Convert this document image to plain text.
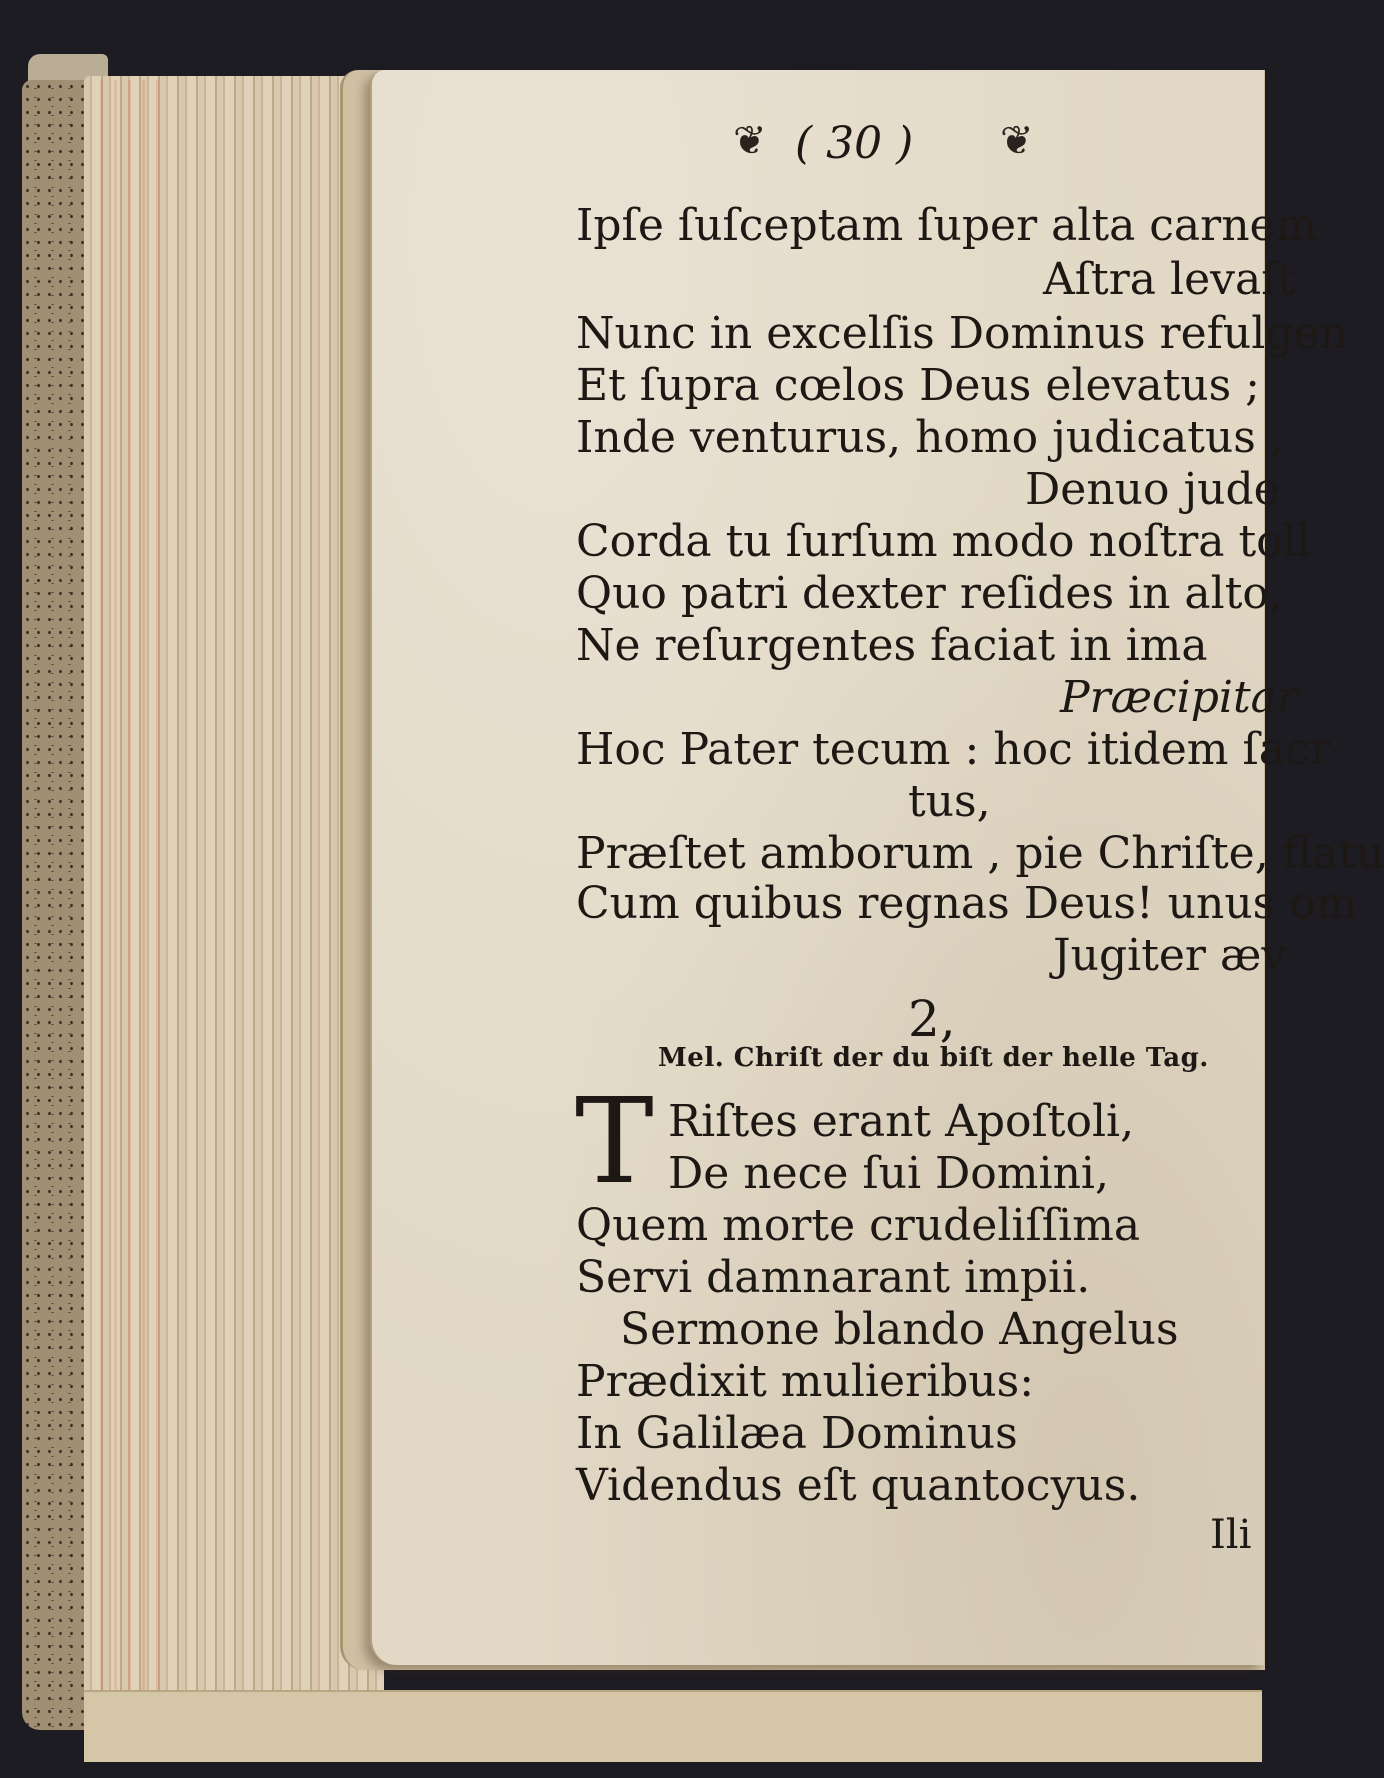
❦ ( 30 ) ❦
Ipſe ſuſceptam ſuper alta carnem
Aſtra levaſt
Nunc in excelſis Dominus refulgen
Et ſupra cœlos Deus elevatus ;
Inde venturus, homo judicatus ,
Denuo jude
Corda tu ſurſum modo noſtra toll
Quo patri dexter reſides in alto,
Ne reſurgentes faciat in ima
Præcipitar
Hoc Pater tecum : hoc itidem ſacr
tus,
Præſtet amborum , pie Chriſte, flatu
Cum quibus regnas Deus! unus om
Jugiter æv
2,
Mel. Chriſt der du biſt der helle Tag.
T Riſtes erant Apoſtoli,
De nece ſui Domini,
Quem morte crudeliſſima
Servi damnarant impii.
Sermone blando Angelus
Prædixit mulieribus:
In Galilæa Dominus
Videndus eſt quantocyus.
Ili
